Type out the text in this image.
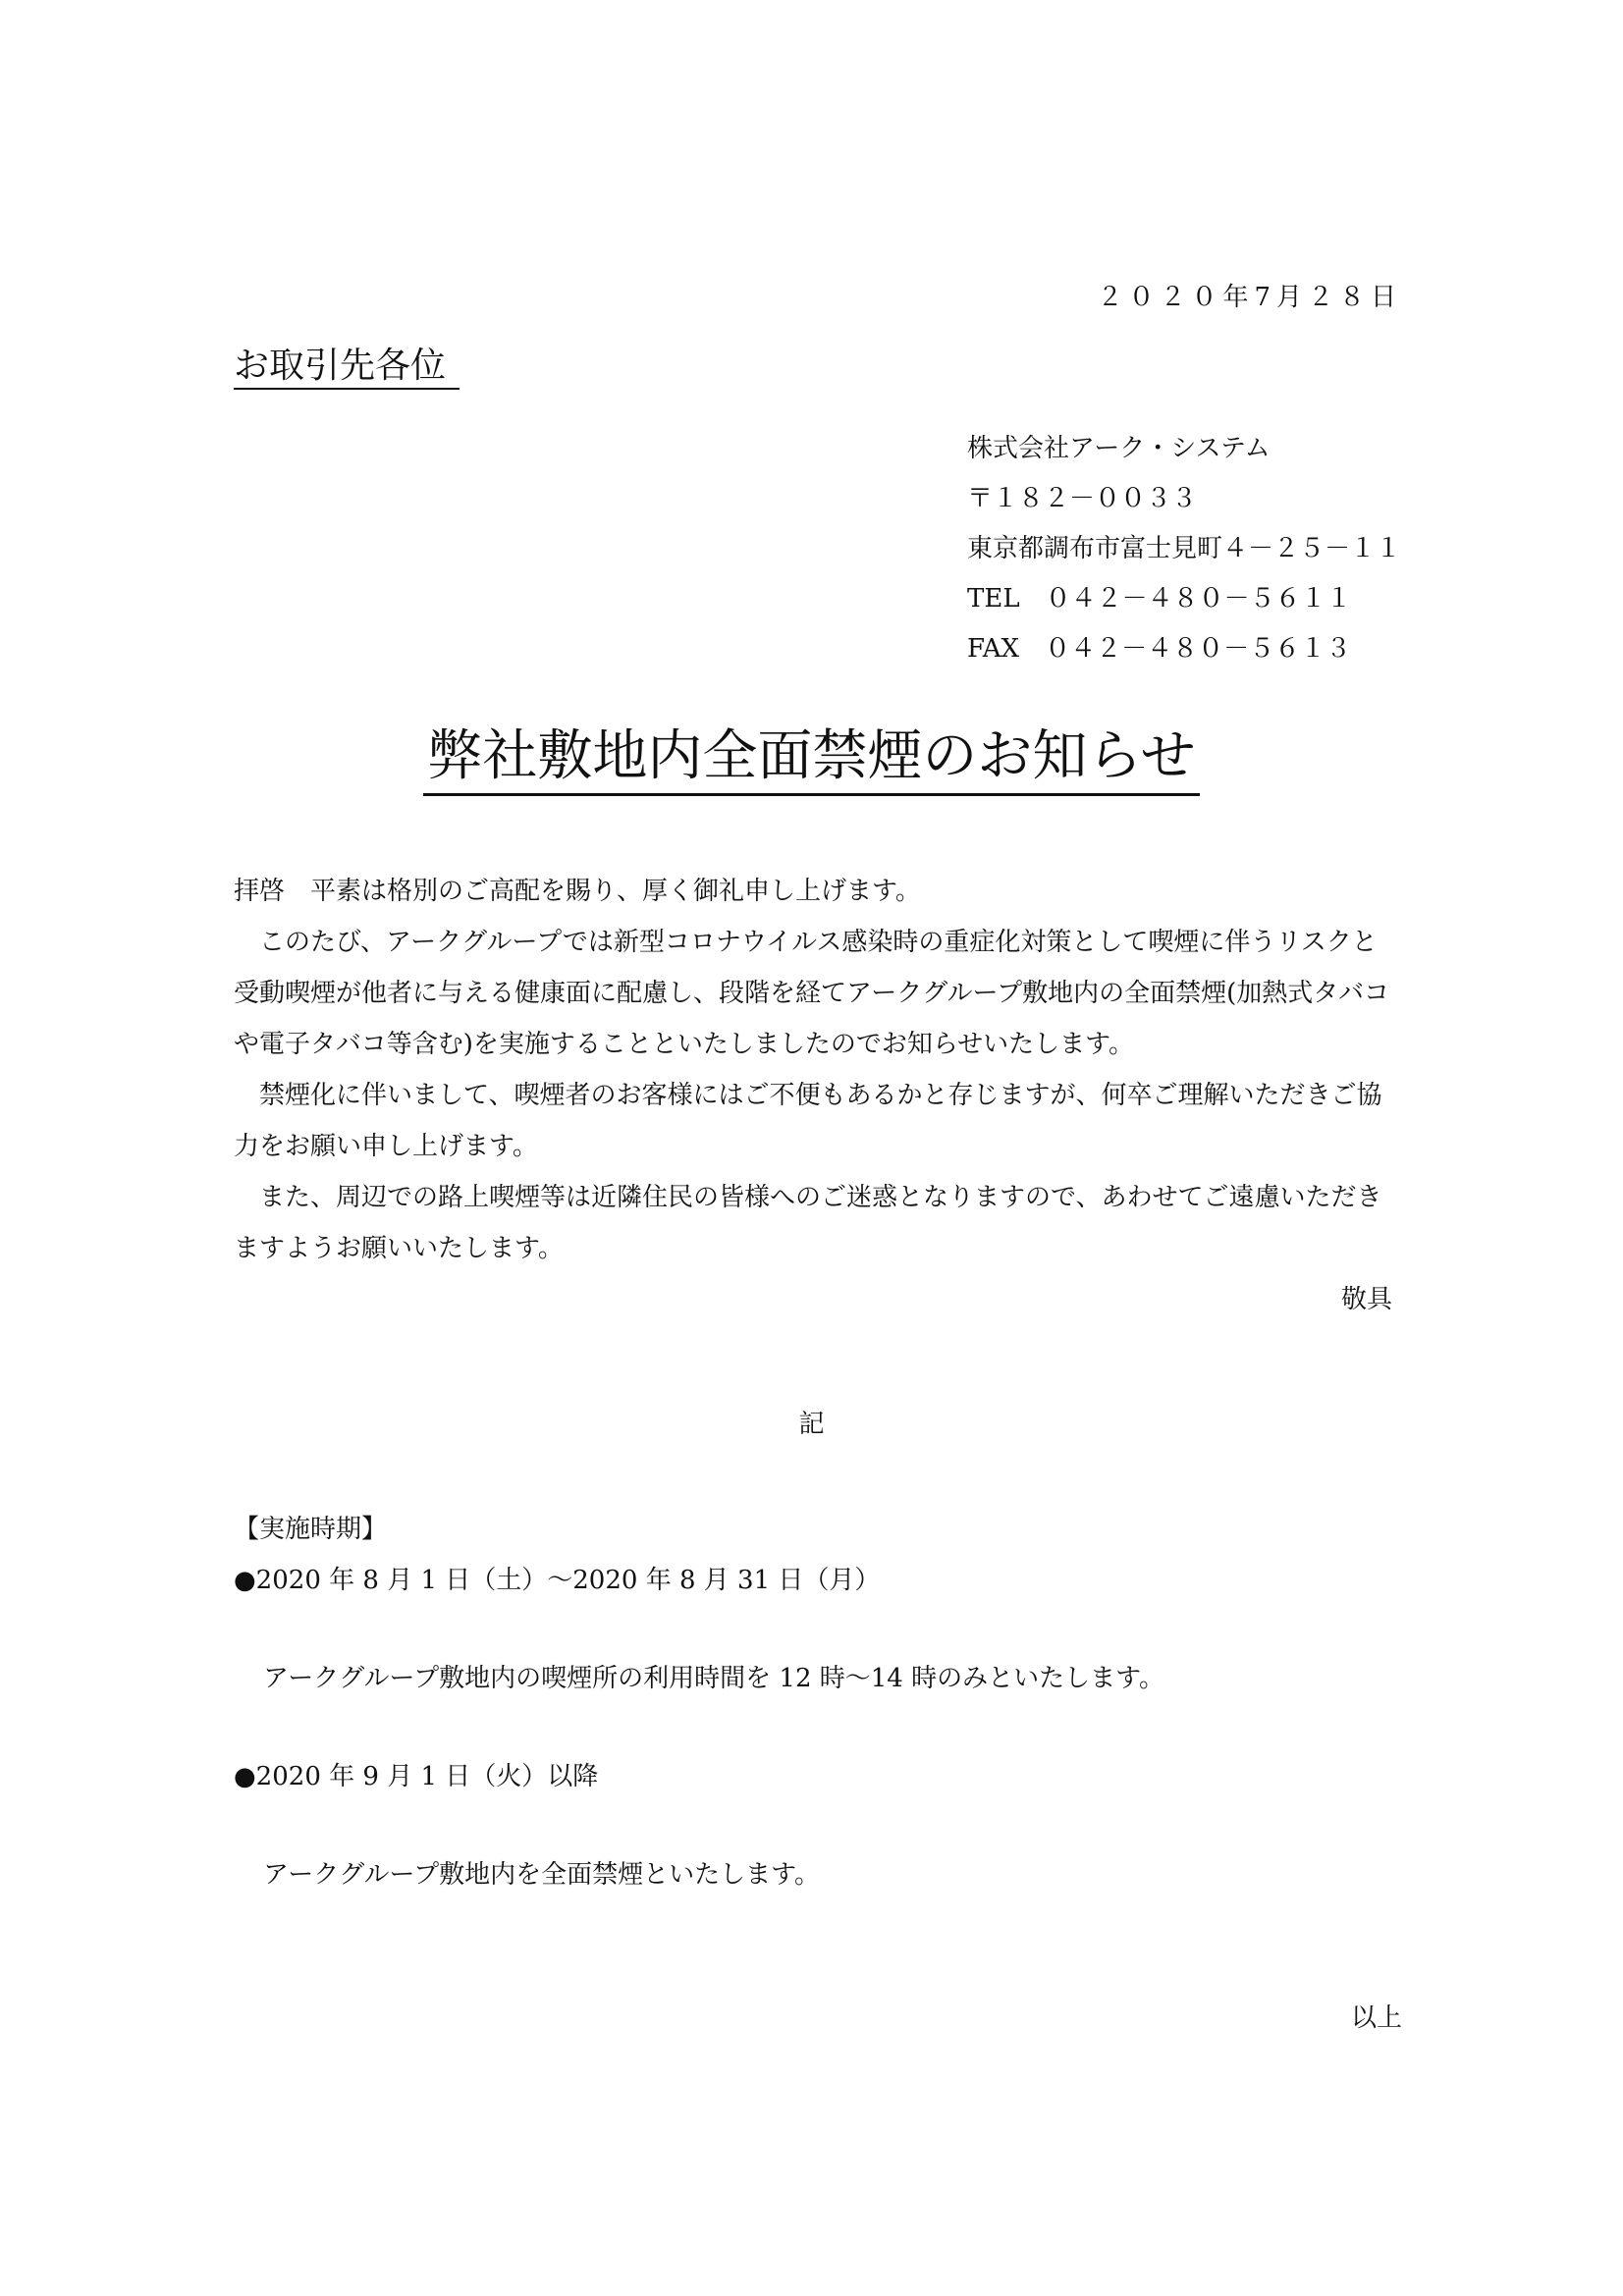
２０２０年7月２８日
お取引先各位
株式会社アーク・システム
〒１８２－００３３
東京都調布市富士見町４－２５－１１
TEL　０４２－４８０－５６１１
FAX　０４２－４８０－５６１３
弊社敷地内全面禁煙のお知らせ

拝啓　平素は格別のご高配を賜り、厚く御礼申し上げます。

このたび、アークグループでは新型コロナウイルス感染時の重症化対策として喫煙に伴うリスクと受動喫煙が他者に与える健康面に配慮し、段階を経てアークグループ敷地内の全面禁煙(加熱式タバコや電子タバコ等含む)を実施することといたしましたのでお知らせいたします。

禁煙化に伴いまして、喫煙者のお客様にはご不便もあるかと存じますが、何卒ご理解いただきご協力をお願い申し上げます。

また、周辺での路上喫煙等は近隣住民の皆様へのご迷惑となりますので、あわせてご遠慮いただきますようお願いいたします。

敬具

記
【実施時期】
●2020 年 8 月 1 日（土）～2020 年 8 月 31 日（月）
アークグループ敷地内の喫煙所の利用時間を 12 時～14 時のみといたします。
●2020 年 9 月 1 日（火）以降
アークグループ敷地内を全面禁煙といたします。
以上
